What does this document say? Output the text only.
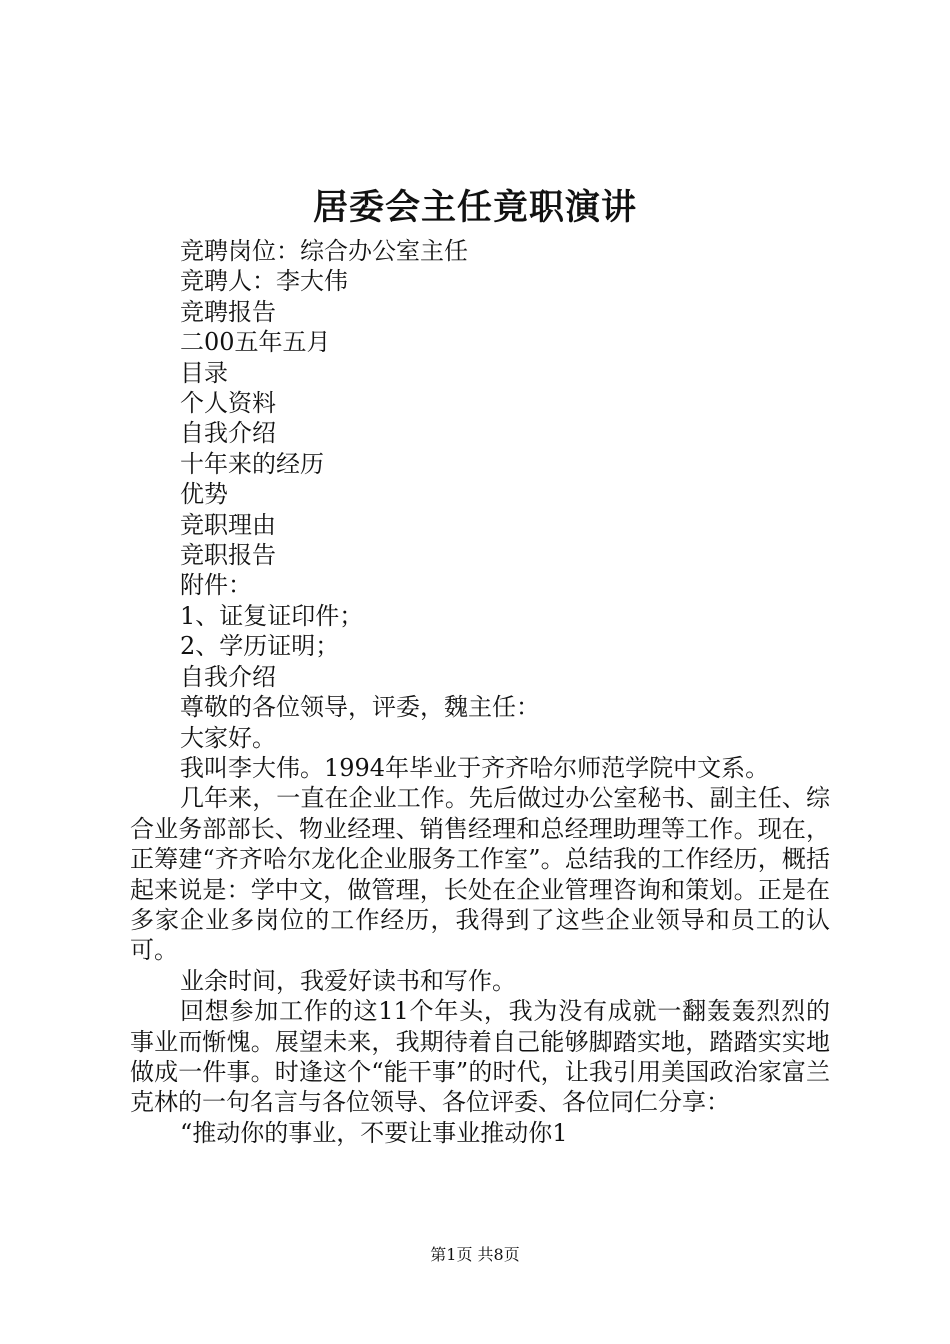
居委会主任竟职演讲
竞聘岗位：综合办公室主任
竞聘人：李大伟
竞聘报告
二00五年五月
目录
个人资料
自我介绍
十年来的经历
优势
竞职理由
竞职报告
附件：
1、证复证印件；
2、学历证明；
自我介绍
尊敬的各位领导，评委，魏主任：
大家好。
我叫李大伟。1994年毕业于齐齐哈尔师范学院中文系。
几年来，一直在企业工作。先后做过办公室秘书、副主任、综合业务部部长、物业经理、销售经理和总经理助理等工作。现在，正筹建“齐齐哈尔龙化企业服务工作室”。总结我的工作经历，概括起来说是：学中文，做管理，长处在企业管理咨询和策划。正是在多家企业多岗位的工作经历，我得到了这些企业领导和员工的认可。
业余时间，我爱好读书和写作。
回想参加工作的这11个年头，我为没有成就一翻轰轰烈烈的事业而惭愧。展望未来，我期待着自己能够脚踏实地，踏踏实实地做成一件事。时逢这个“能干事”的时代，让我引用美国政治家富兰克林的一句名言与各位领导、各位评委、各位同仁分享：
“推动你的事业，不要让事业推动你1
第1页 共8页
